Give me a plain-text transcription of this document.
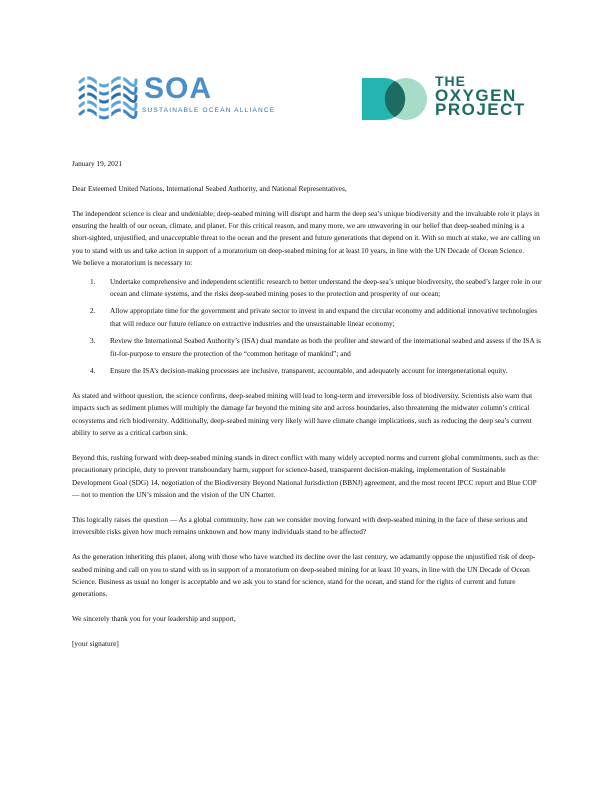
SOA
SUSTAINABLE OCEAN ALLIANCE
THE
OXYGEN
PROJECT

January 19, 2021

Dear Esteemed United Nations, International Seabed Authority, and National Representatives,

The independent science is clear and undeniable; deep-seabed mining will disrupt and harm the deep sea’s unique biodiversity and the invaluable role it plays in ensuring the health of our ocean, climate, and planet. For this critical reason, and many more, we are unwavering in our belief that deep-seabed mining is a short-sighted, unjustified, and unacceptable threat to the ocean and the present and future generations that depend on it. With so much at stake, we are calling on you to stand with us and take action in support of a moratorium on deep-seabed mining for at least 10 years, in line with the UN Decade of Ocean Science.

We believe a moratorium is necessary to:

1.	Undertake comprehensive and independent scientific research to better understand the deep-sea’s unique biodiversity, the seabed’s larger role in our ocean and climate systems, and the risks deep-seabed mining poses to the protection and prosperity of our ocean;
2.	Allow appropriate time for the government and private sector to invest in and expand the circular economy and additional innovative technologies that will reduce our future reliance on extractive industries and the unsustainable linear economy;
3.	Review the International Seabed Authority’s (ISA) dual mandate as both the profiter and steward of the international seabed and assess if the ISA is fit-for-purpose to ensure the protection of the “common heritage of mankind”; and
4.	Ensure the ISA’s decision-making processes are inclusive, transparent, accountable, and adequately account for intergenerational equity.

As stated and without question, the science confirms, deep-seabed mining will lead to long-term and irreversible loss of biodiversity. Scientists also warn that impacts such as sediment plumes will multiply the damage far beyond the mining site and across boundaries, also threatening the midwater column’s critical ecosystems and rich biodiversity. Additionally, deep-seabed mining very likely will have climate change implications, such as reducing the deep sea’s current ability to serve as a critical carbon sink.

Beyond this, rushing forward with deep-seabed mining stands in direct conflict with many widely accepted norms and current global commitments, such as the: precautionary principle, duty to prevent transboundary harm, support for science-based, transparent decision-making, implementation of Sustainable Development Goal (SDG) 14, negotiation of the Biodiversity Beyond National Jurisdiction (BBNJ) agreement, and the most recent IPCC report and Blue COP — not to mention the UN’s mission and the vision of the UN Charter.

This logically raises the question — As a global community, how can we consider moving forward with deep-seabed mining in the face of these serious and irreversible risks given how much remains unknown and how many individuals stand to be affected?

As the generation inheriting this planet, along with those who have watched its decline over the last century, we adamantly oppose the unjustified risk of deep-seabed mining and call on you to stand with us in support of a moratorium on deep-seabed mining for at least 10 years, in line with the UN Decade of Ocean Science. Business as usual no longer is acceptable and we ask you to stand for science, stand for the ocean, and stand for the rights of current and future generations.

We sincerely thank you for your leadership and support,

[your signature]
